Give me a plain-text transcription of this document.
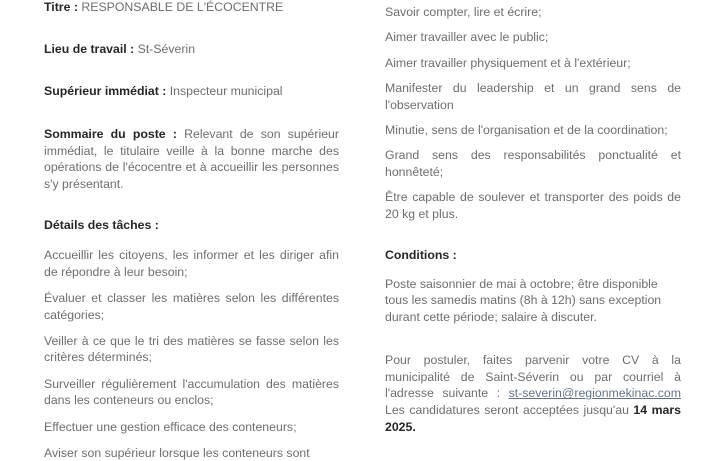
Titre : RESPONSABLE DE L'ÉCOCENTRE

Lieu de travail : St-Séverin

Supérieur immédiat : Inspecteur municipal

Sommaire du poste : Relevant de son supérieur immédiat, le titulaire veille à la bonne marche des opérations de l'écocentre et à accueillir les personnes s'y présentant.

Détails des tâches :

Accueillir les citoyens, les informer et les diriger afin de répondre à leur besoin;
Évaluer et classer les matières selon les différentes catégories;
Veiller à ce que le tri des matières se fasse selon les critères déterminés;
Surveiller régulièrement l'accumulation des matières dans les conteneurs ou enclos;
Effectuer une gestion efficace des conteneurs;
Aviser son supérieur lorsque les conteneurs sont
Savoir compter, lire et écrire;
Aimer travailler avec le public;
Aimer travailler physiquement et à l'extérieur;
Manifester du leadership et un grand sens de l'observation
Minutie, sens de l'organisation et de la coordination;
Grand sens des responsabilités ponctualité et honnêteté;
Être capable de soulever et transporter des poids de 20 kg et plus.

Conditions :

Poste saisonnier de mai à octobre; être disponible tous les samedis matins (8h à 12h) sans exception durant cette période; salaire à discuter.

Pour postuler, faites parvenir votre CV à la municipalité de Saint-Séverin ou par courriel à l'adresse suivante : st-severin@regionmekinac.com Les candidatures seront acceptées jusqu'au 14 mars 2025.
